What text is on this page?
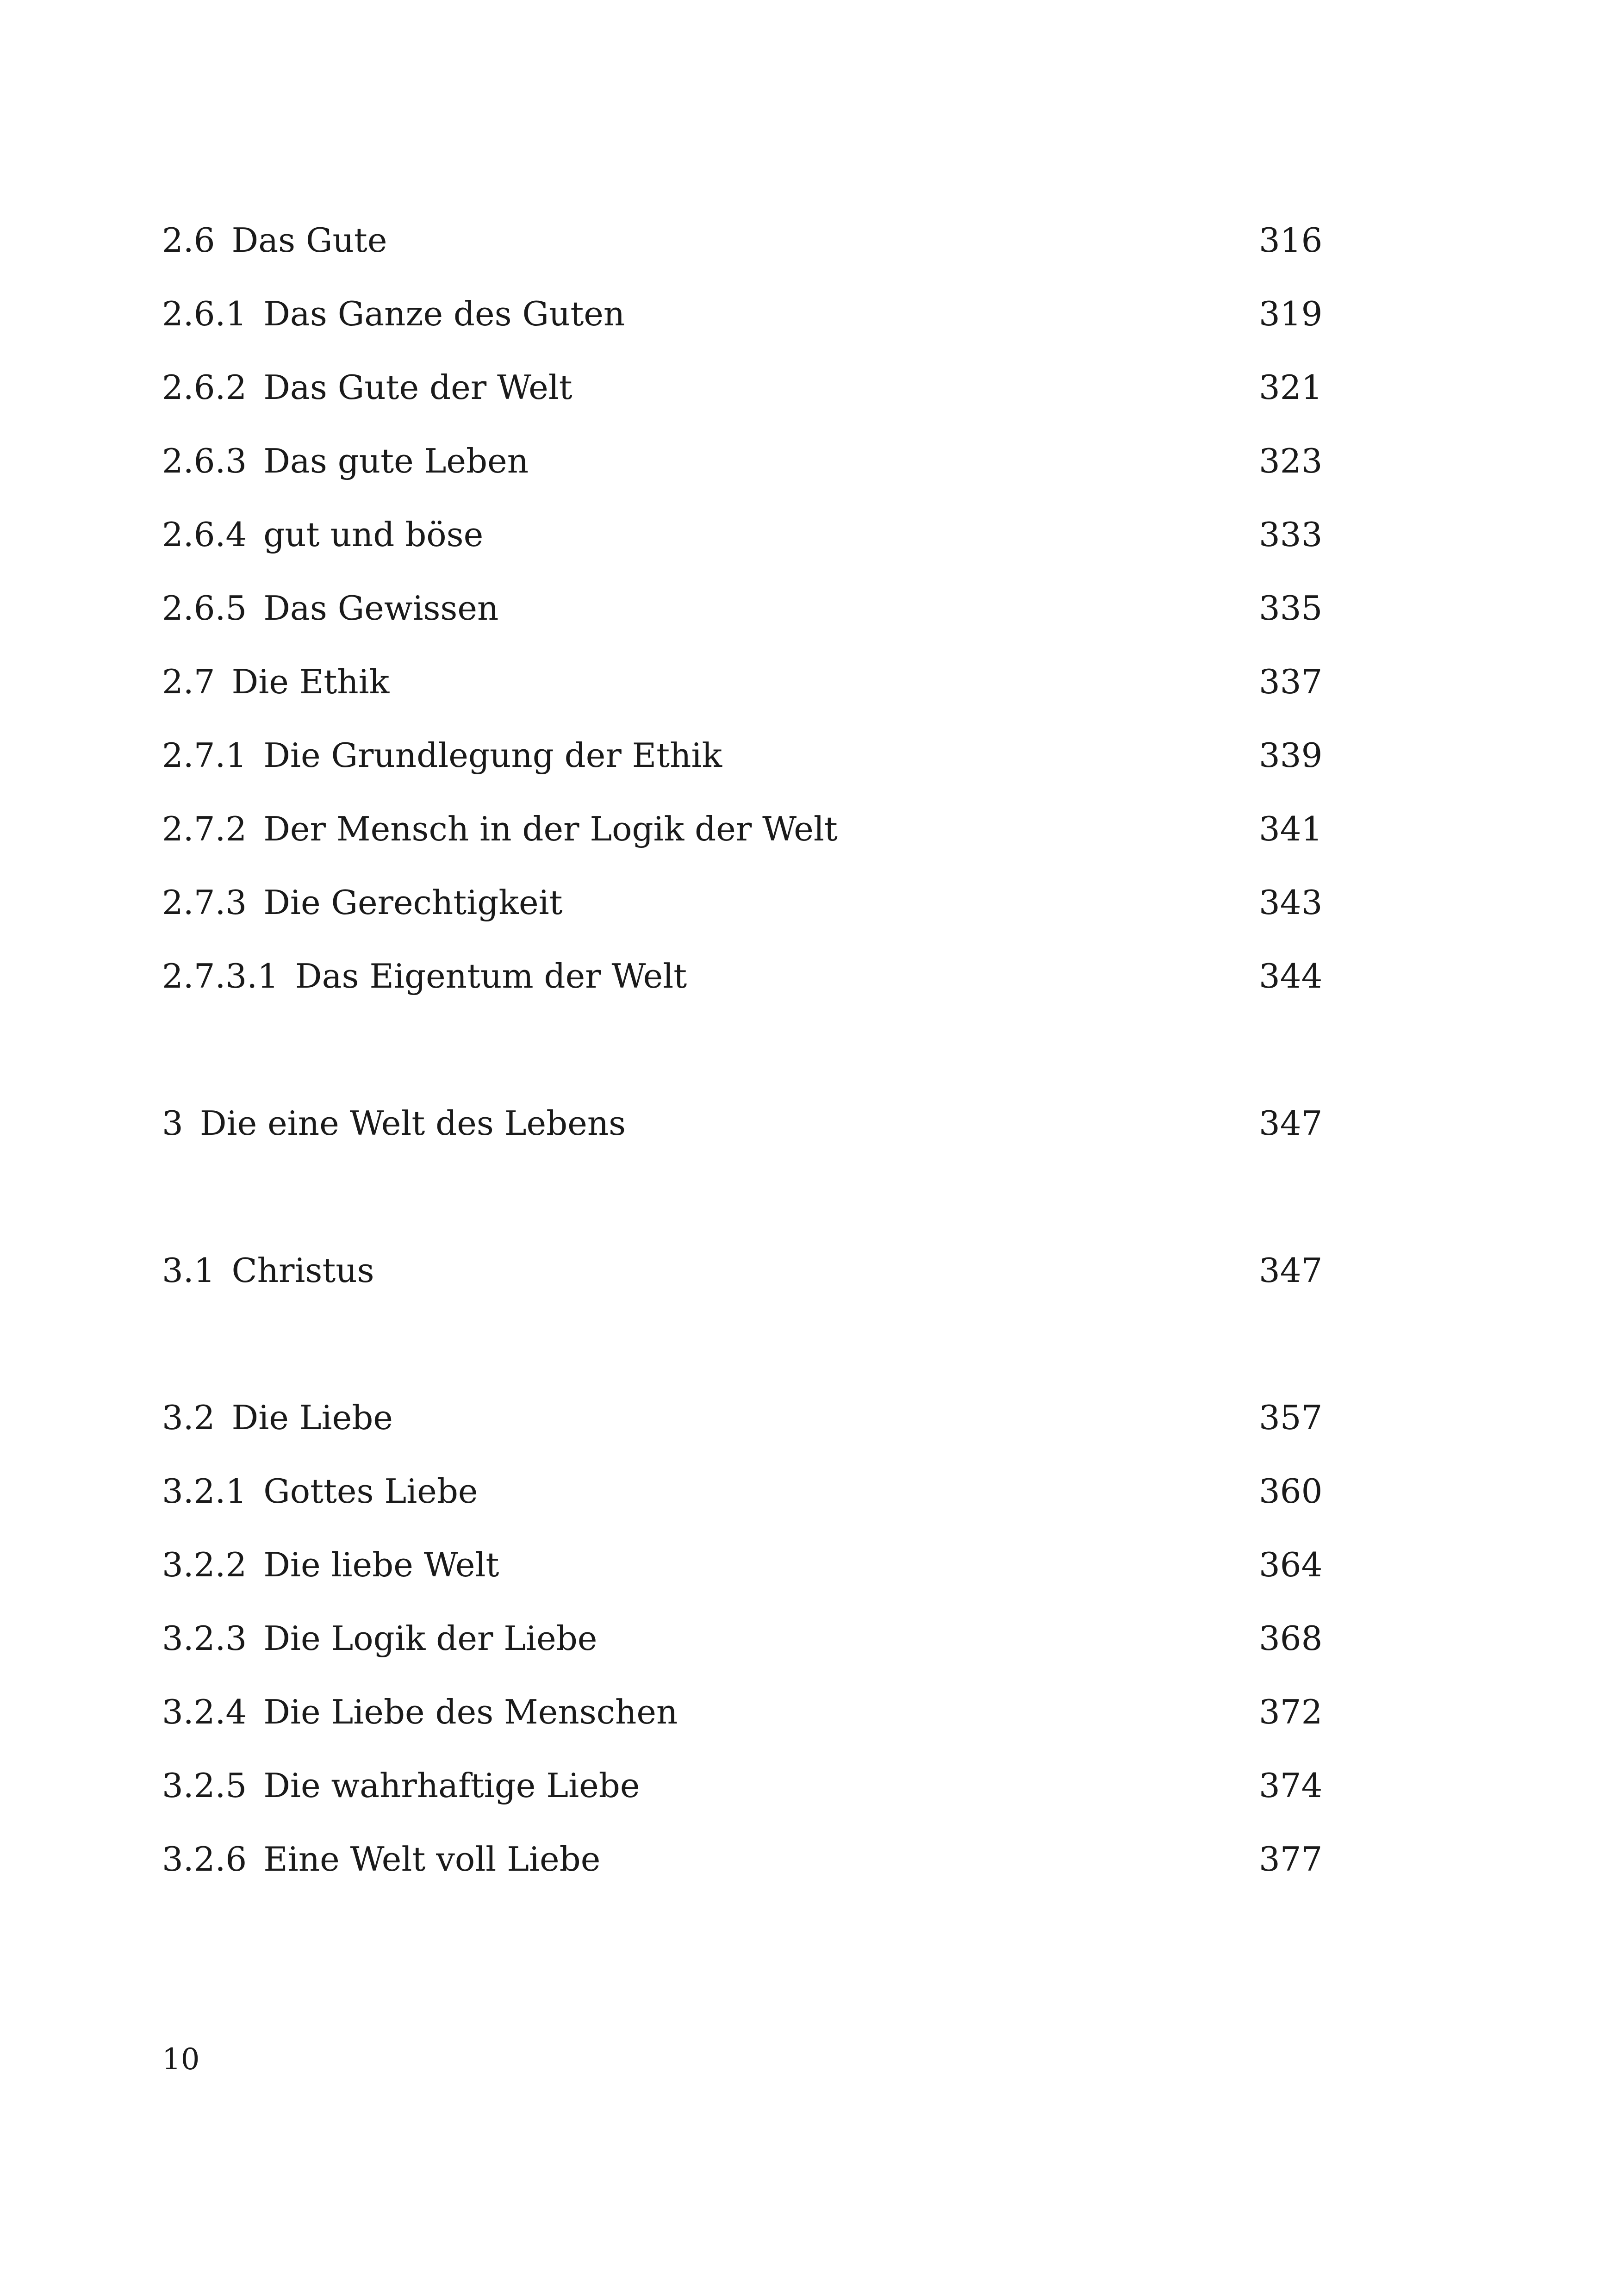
2.6 Das Gute	316
2.6.1 Das Ganze des Guten	319
2.6.2 Das Gute der Welt	321
2.6.3 Das gute Leben	323
2.6.4 gut und böse	333
2.6.5 Das Gewissen	335
2.7 Die Ethik	337
2.7.1 Die Grundlegung der Ethik	339
2.7.2 Der Mensch in der Logik der Welt	341
2.7.3 Die Gerechtigkeit	343
2.7.3.1 Das Eigentum der Welt	344
3 Die eine Welt des Lebens	347
3.1 Christus	347
3.2 Die Liebe	357
3.2.1 Gottes Liebe	360
3.2.2 Die liebe Welt	364
3.2.3 Die Logik der Liebe	368
3.2.4 Die Liebe des Menschen	372
3.2.5 Die wahrhaftige Liebe	374
3.2.6 Eine Welt voll Liebe	377
10
